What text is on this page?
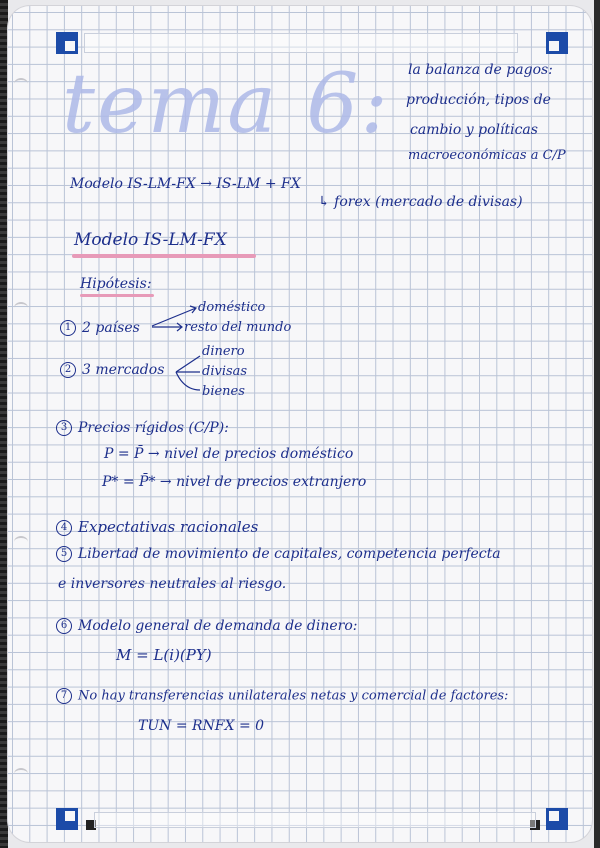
tema 6: la balanza de pagos:
producción, tipos de
cambio y políticas
macroeconómicas a C/P
Modelo IS-LM-FX → IS-LM + FX
↳ forex (mercado de divisas)
Modelo IS-LM-FX
Hipótesis:
1 2 países
doméstico
resto del mundo
2 3 mercados
dinero
divisas
bienes
3 Precios rígidos (C/P):
P = P̄ → nivel de precios doméstico
P* = P̄* → nivel de precios extranjero
4 Expectativas racionales
5 Libertad de movimiento de capitales, competencia perfecta
e inversores neutrales al riesgo.
6 Modelo general de demanda de dinero:
M = L(i)(PY)
7 No hay transferencias unilaterales netas y comercial de factores:
TUN = RNFX = 0
